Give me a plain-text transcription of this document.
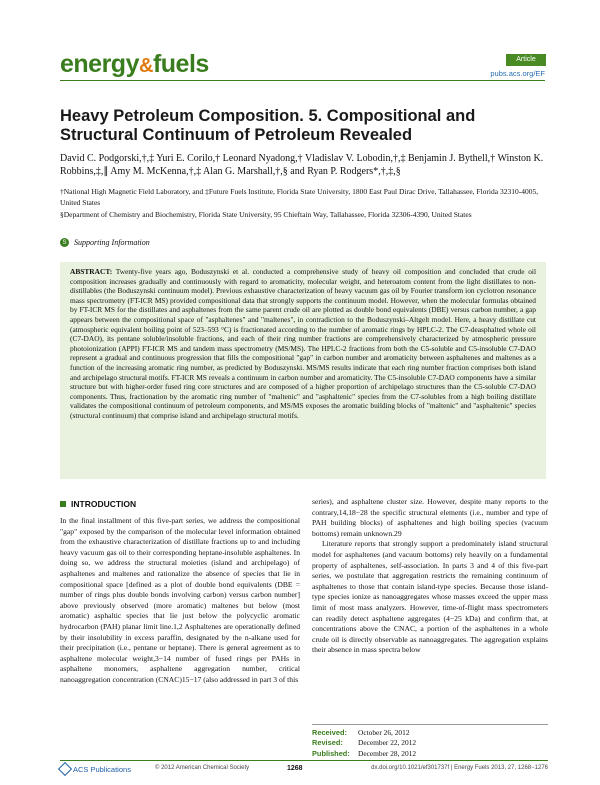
energy&fuels	Article
pubs.acs.org/EF
Heavy Petroleum Composition. 5. Compositional and Structural Continuum of Petroleum Revealed
David C. Podgorski,†,‡ Yuri E. Corilo,† Leonard Nyadong,† Vladislav V. Lobodin,†,‡ Benjamin J. Bythell,† Winston K. Robbins,‡,∥ Amy M. McKenna,†,‡ Alan G. Marshall,†,§ and Ryan P. Rodgers*,†,‡,§
†National High Magnetic Field Laboratory, and ‡Future Fuels Institute, Florida State University, 1800 East Paul Dirac Drive, Tallahassee, Florida 32310-4005, United States
§Department of Chemistry and Biochemistry, Florida State University, 95 Chieftain Way, Tallahassee, Florida 32306-4390, United States
S Supporting Information
ABSTRACT: Twenty-five years ago, Boduszynski et al. conducted a comprehensive study of heavy oil composition and concluded that crude oil composition increases gradually and continuously with regard to aromaticity, molecular weight, and heteroatom content from the light distillates to non-distillables (the Boduszynski continuum model). Previous exhaustive characterization of heavy vacuum gas oil by Fourier transform ion cyclotron resonance mass spectrometry (FT-ICR MS) provided compositional data that strongly supports the continuum model. However, when the molecular formulas obtained by FT-ICR MS for the distillates and asphaltenes from the same parent crude oil are plotted as double bond equivalents (DBE) versus carbon number, a gap appears between the compositional space of "asphaltenes" and "maltenes", in contradiction to the Boduszynski–Altgelt model. Here, a heavy distillate cut (atmospheric equivalent boiling point of 523–593 °C) is fractionated according to the number of aromatic rings by HPLC-2. The C7-deasphalted whole oil (C7-DAO), its pentane soluble/insoluble fractions, and each of their ring number fractions are comprehensively characterized by atmospheric pressure photoionization (APPI) FT-ICR MS and tandem mass spectrometry (MS/MS). The HPLC-2 fractions from both the C5-soluble and C5-insoluble C7-DAO represent a gradual and continuous progression that fills the compositional "gap" in carbon number and aromaticity between asphaltenes and maltenes as a function of the increasing aromatic ring number, as predicted by Boduszynski. MS/MS results indicate that each ring number fraction comprises both island and archipelago structural motifs. FT-ICR MS reveals a continuum in carbon number and aromaticity. The C5-insoluble C7-DAO components have a similar structure but with higher-order fused ring core structures and are composed of a higher proportion of archipelago structures than the C5-soluble C7-DAO components. Thus, fractionation by the aromatic ring number of "maltenic" and "asphaltenic" species from the C7-solubles from a high boiling distillate validates the compositional continuum of petroleum components, and MS/MS exposes the aromatic building blocks of "maltenic" and "asphaltenic" species (structural continuum) that comprise island and archipelago structural motifs.
INTRODUCTION

In the final installment of this five-part series, we address the compositional "gap" exposed by the comparison of the molecular level information obtained from the exhaustive characterization of distillate fractions up to and including heavy vacuum gas oil to their corresponding heptane-insoluble asphaltenes. In doing so, we address the structural moieties (island and archipelago) of asphaltenes and maltenes and rationalize the absence of species that lie in compositional space [defined as a plot of double bond equivalents (DBE = number of rings plus double bonds involving carbon) versus carbon number] above previously observed (more aromatic) maltenes but below (most aromatic) asphaltic species that lie just below the polycyclic aromatic hydrocarbon (PAH) planar limit line.1,2 Asphaltenes are operationally defined by their insolubility in excess paraffin, designated by the n-alkane used for their precipitation (i.e., pentane or heptane). There is general agreement as to asphaltene molecular weight,3−14 number of fused rings per PAHs in asphaltene monomers, asphaltene aggregation number, critical nanoaggregation concentration (CNAC)15−17 (also addressed in part 3 of this

series), and asphaltene cluster size. However, despite many reports to the contrary,14,18−28 the specific structural elements (i.e., number and type of PAH building blocks) of asphaltenes and high boiling species (vacuum bottoms) remain unknown.29

Literature reports that strongly support a predominately island structural model for asphaltenes (and vacuum bottoms) rely heavily on a fundamental property of asphaltenes, self-association. In parts 3 and 4 of this five-part series, we postulate that aggregation restricts the remaining continuum of asphaltenes to those that contain island-type species. Because those island-type species ionize as nanoaggregates whose masses exceed the upper mass limit of most mass analyzers. However, time-of-flight mass spectrometers can readily detect asphaltene aggregates (4−25 kDa) and confirm that, at concentrations above the CNAC, a portion of the asphaltenes in a whole crude oil is directly observable as nanoaggregates. The aggregation explains their absence in mass spectra below

Received: October 26, 2012
Revised: December 22, 2012
Published: December 28, 2012
ACS Publications	© 2012 American Chemical Society	1268	dx.doi.org/10.1021/ef301737f | Energy Fuels 2013, 27, 1268−1276
